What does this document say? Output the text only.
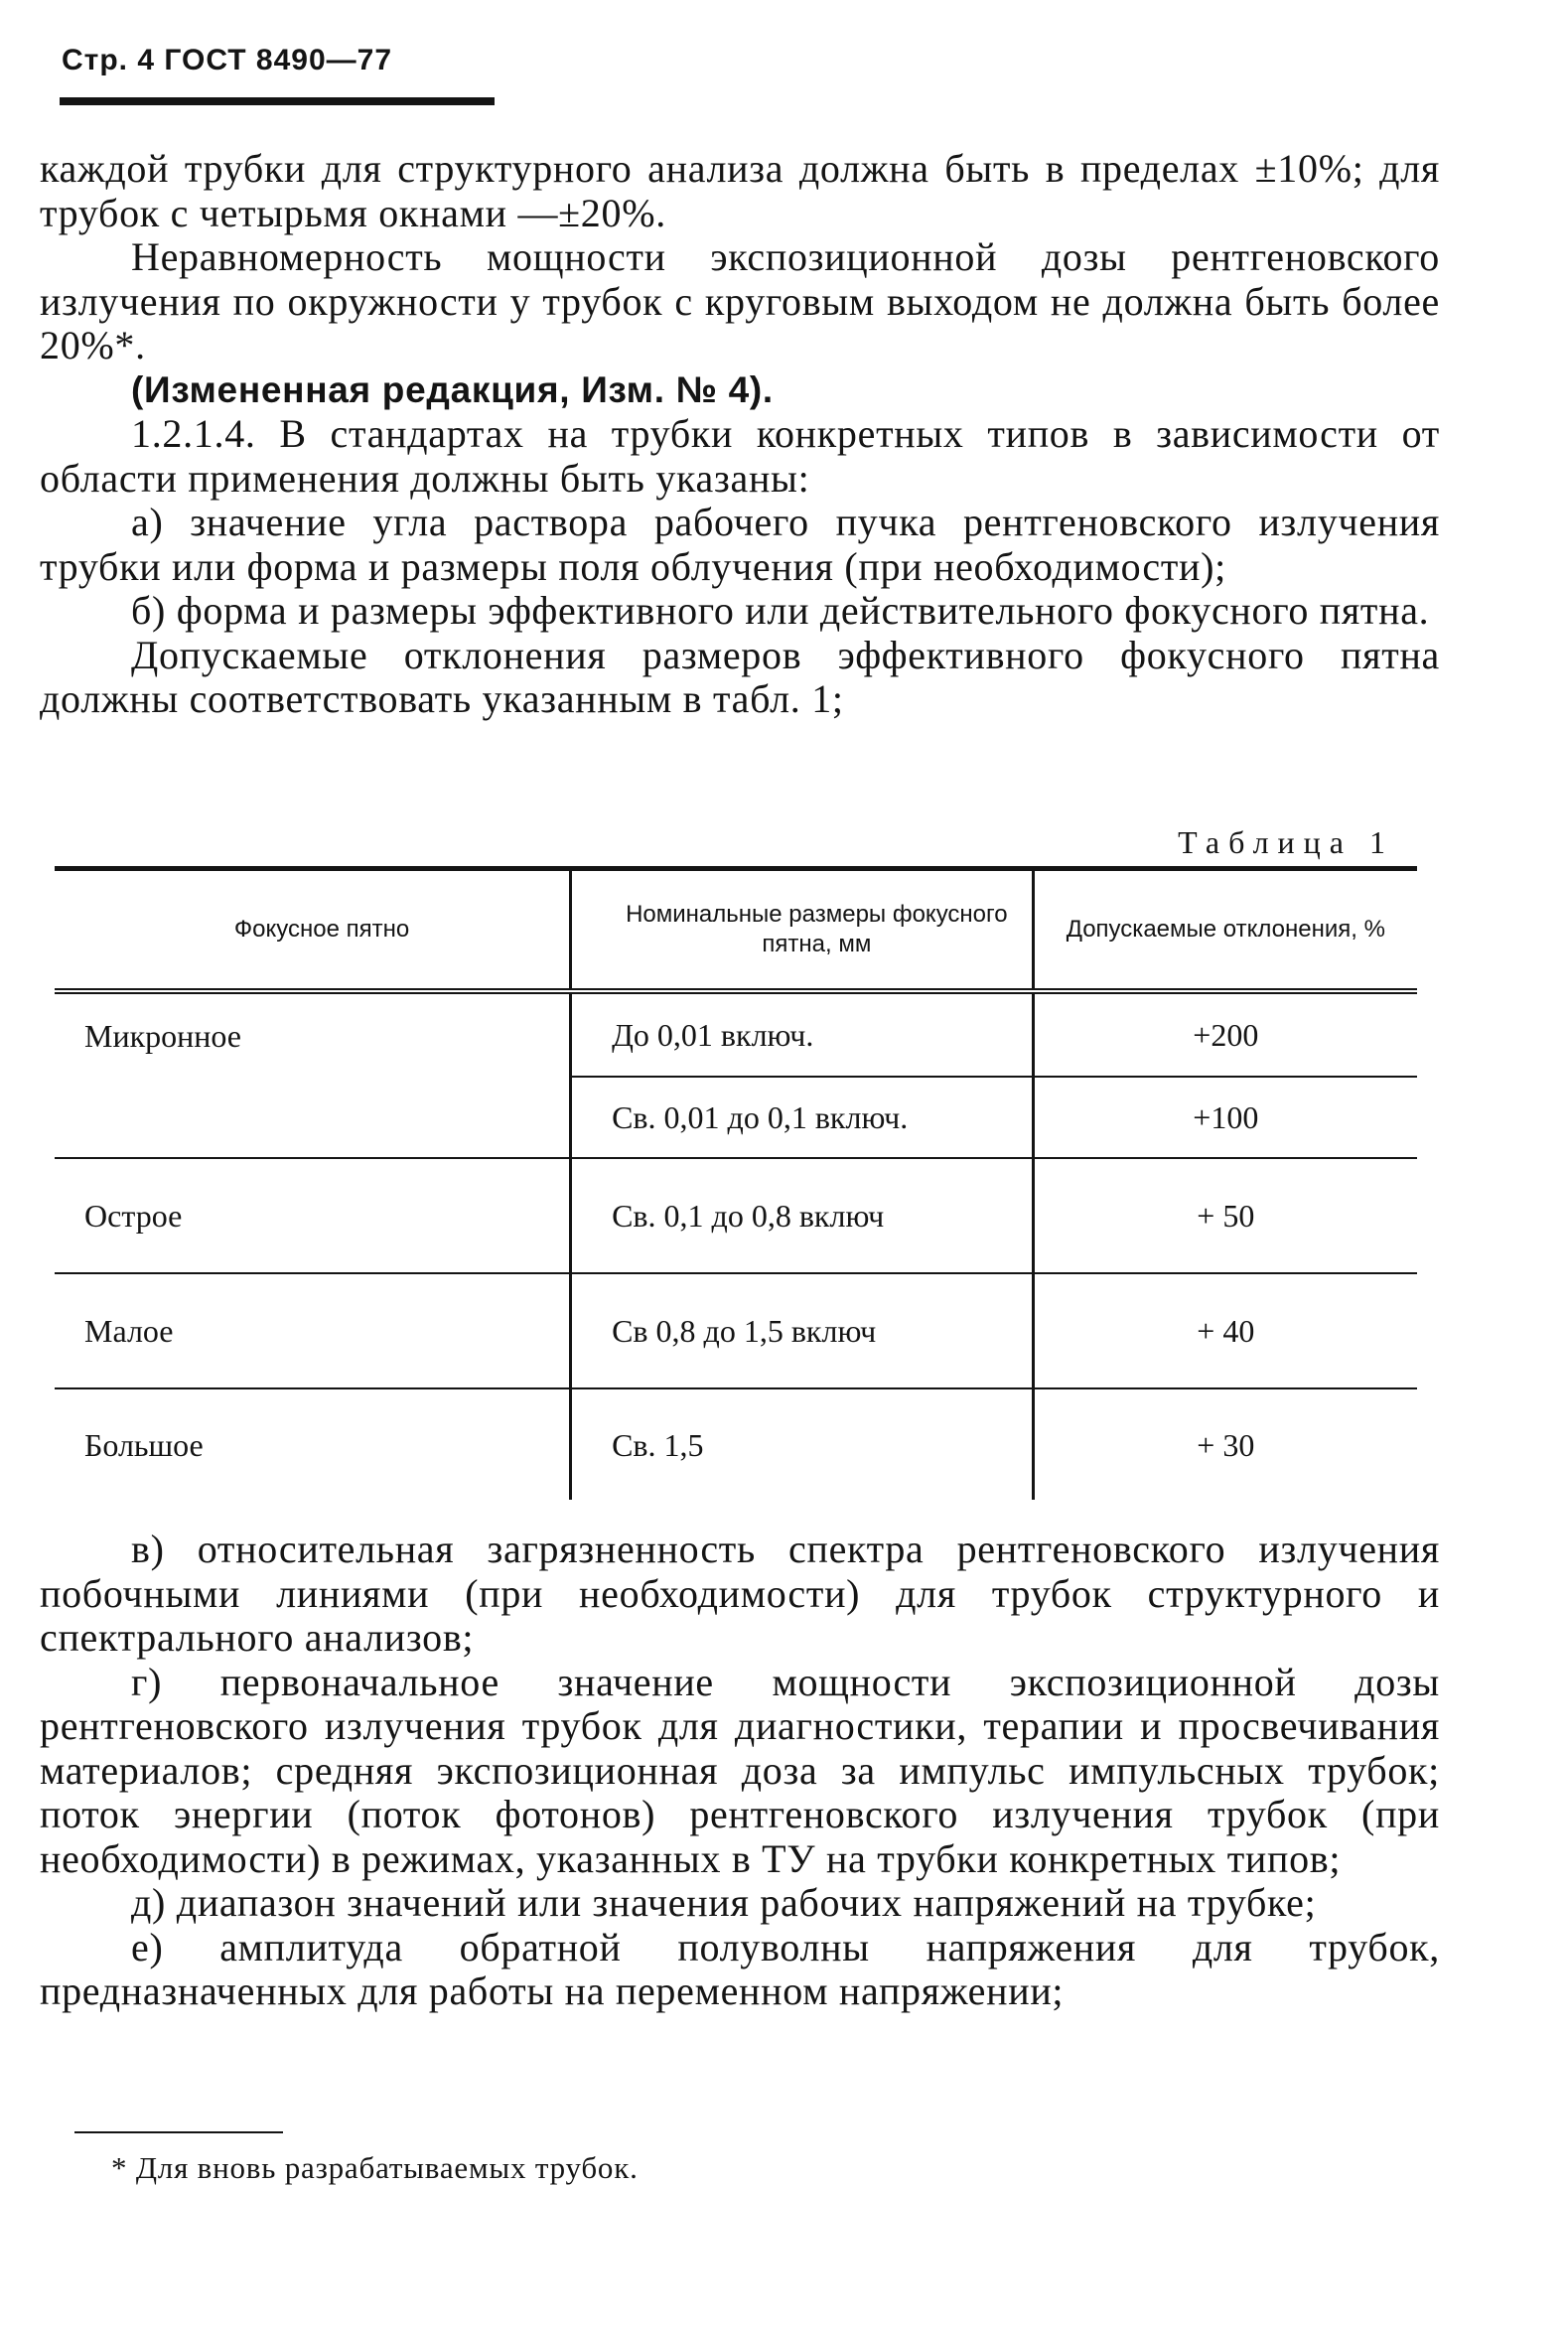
Стр. 4 ГОСТ 8490—77

каждой трубки для структурного анализа должна быть в пределах ±10%; для трубок с четырьмя окнами —±20%.

Неравномерность мощности экспозиционной дозы рентгеновского излучения по окружности у трубок с круговым выходом не должна быть более 20%*.

(Измененная редакция, Изм. № 4).

1.2.1.4. В стандартах на трубки конкретных типов в зависимости от области применения должны быть указаны:

а) значение угла раствора рабочего пучка рентгеновского излучения трубки или форма и размеры поля облучения (при необходимости);

б) форма и размеры эффективного или действительного фокусного пятна.

Допускаемые отклонения размеров эффективного фокусного пятна должны соответствовать указанным в табл. 1;

Таблица 1
Фокусное пятно	Номинальные размеры фокусного пятна, мм	Допускаемые отклонения, %
Микронное	До 0,01 включ.	+200
	Св. 0,01 до 0,1 включ.	+100
Острое	Св. 0,1 до 0,8 включ	+ 50
Малое	Св 0,8 до 1,5 включ	+ 40
Большое	Св. 1,5	+ 30

в) относительная загрязненность спектра рентгеновского излучения побочными линиями (при необходимости) для трубок структурного и спектрального анализов;

г) первоначальное значение мощности экспозиционной дозы рентгеновского излучения трубок для диагностики, терапии и просвечивания материалов; средняя экспозиционная доза за импульс импульсных трубок; поток энергии (поток фотонов) рентгеновского излучения трубок (при необходимости) в режимах, указанных в ТУ на трубки конкретных типов;

д) диапазон значений или значения рабочих напряжений на трубке;

е) амплитуда обратной полуволны напряжения для трубок, предназначенных для работы на переменном напряжении;

* Для вновь разрабатываемых трубок.
